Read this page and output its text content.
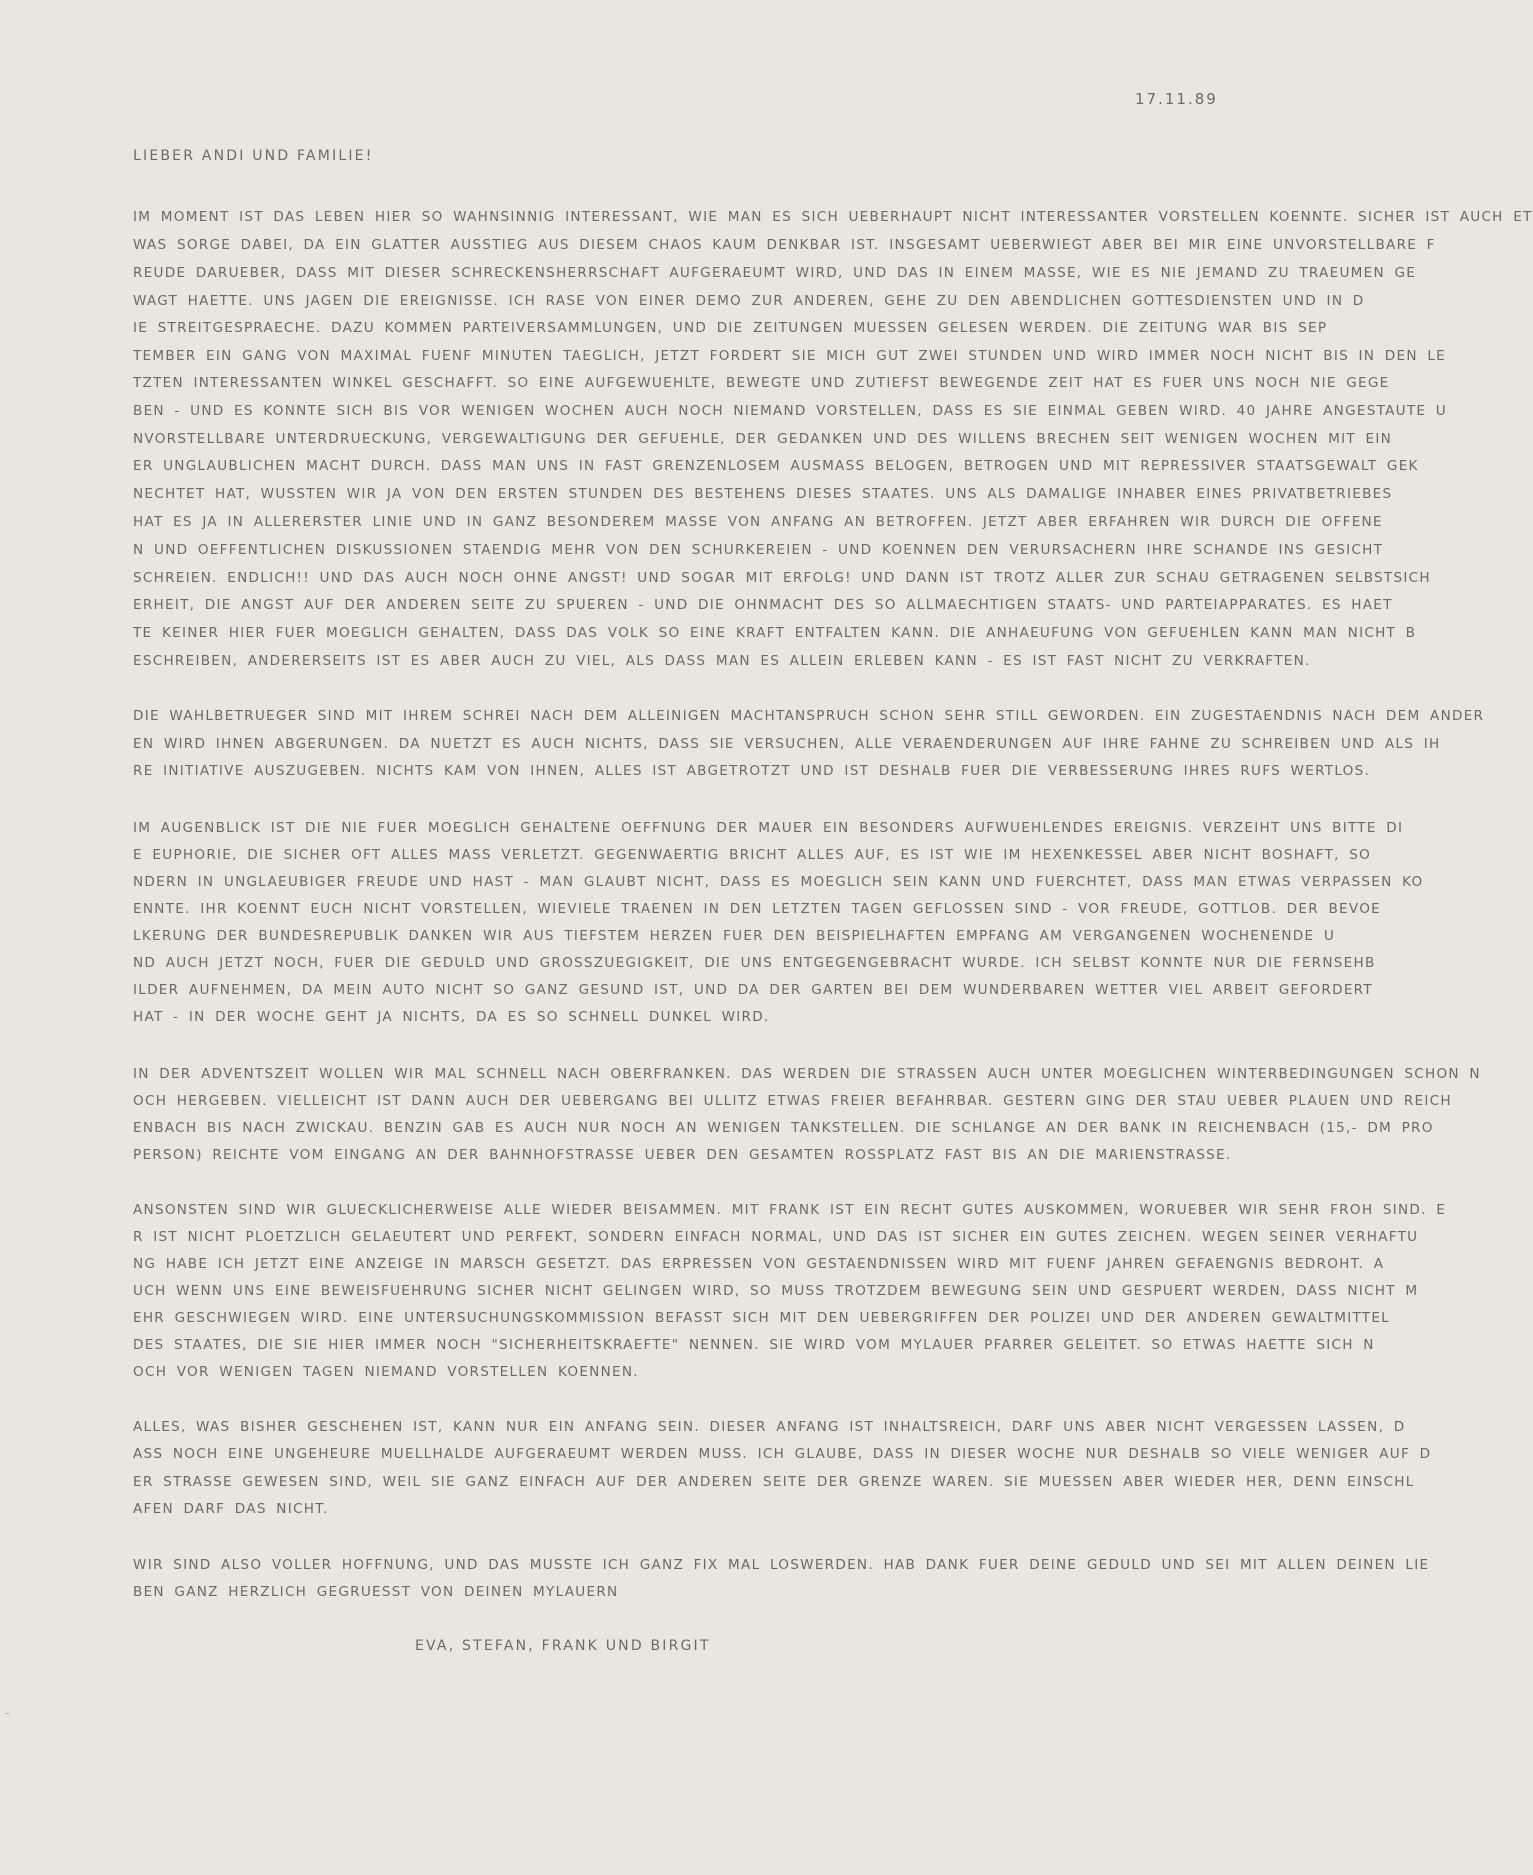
17.11.89
LIEBER ANDI UND FAMILIE!
IM MOMENT IST DAS LEBEN HIER SO WAHNSINNIG INTERESSANT, WIE MAN ES SICH UEBERHAUPT NICHT INTERESSANTER VORSTELLEN KOENNTE. SICHER IST AUCH ET
WAS SORGE DABEI, DA EIN GLATTER AUSSTIEG AUS DIESEM CHAOS KAUM DENKBAR IST. INSGESAMT UEBERWIEGT ABER BEI MIR EINE UNVORSTELLBARE F
REUDE DARUEBER, DASS MIT DIESER SCHRECKENSHERRSCHAFT AUFGERAEUMT WIRD, UND DAS IN EINEM MASSE, WIE ES NIE JEMAND ZU TRAEUMEN GE
WAGT HAETTE. UNS JAGEN DIE EREIGNISSE. ICH RASE VON EINER DEMO ZUR ANDEREN, GEHE ZU DEN ABENDLICHEN GOTTESDIENSTEN UND IN D
IE STREITGESPRAECHE. DAZU KOMMEN PARTEIVERSAMMLUNGEN, UND DIE ZEITUNGEN MUESSEN GELESEN WERDEN. DIE ZEITUNG WAR BIS SEP
TEMBER EIN GANG VON MAXIMAL FUENF MINUTEN TAEGLICH, JETZT FORDERT SIE MICH GUT ZWEI STUNDEN UND WIRD IMMER NOCH NICHT BIS IN DEN LE
TZTEN INTERESSANTEN WINKEL GESCHAFFT. SO EINE AUFGEWUEHLTE, BEWEGTE UND ZUTIEFST BEWEGENDE ZEIT HAT ES FUER UNS NOCH NIE GEGE
BEN - UND ES KONNTE SICH BIS VOR WENIGEN WOCHEN AUCH NOCH NIEMAND VORSTELLEN, DASS ES SIE EINMAL GEBEN WIRD. 40 JAHRE ANGESTAUTE U
NVORSTELLBARE UNTERDRUECKUNG, VERGEWALTIGUNG DER GEFUEHLE, DER GEDANKEN UND DES WILLENS BRECHEN SEIT WENIGEN WOCHEN MIT EIN
ER UNGLAUBLICHEN MACHT DURCH. DASS MAN UNS IN FAST GRENZENLOSEM AUSMASS BELOGEN, BETROGEN UND MIT REPRESSIVER STAATSGEWALT GEK
NECHTET HAT, WUSSTEN WIR JA VON DEN ERSTEN STUNDEN DES BESTEHENS DIESES STAATES. UNS ALS DAMALIGE INHABER EINES PRIVATBETRIEBES
HAT ES JA IN ALLERERSTER LINIE UND IN GANZ BESONDEREM MASSE VON ANFANG AN BETROFFEN. JETZT ABER ERFAHREN WIR DURCH DIE OFFENE
N UND OEFFENTLICHEN DISKUSSIONEN STAENDIG MEHR VON DEN SCHURKEREIEN - UND KOENNEN DEN VERURSACHERN IHRE SCHANDE INS GESICHT
SCHREIEN. ENDLICH!! UND DAS AUCH NOCH OHNE ANGST! UND SOGAR MIT ERFOLG! UND DANN IST TROTZ ALLER ZUR SCHAU GETRAGENEN SELBSTSICH
ERHEIT, DIE ANGST AUF DER ANDEREN SEITE ZU SPUEREN - UND DIE OHNMACHT DES SO ALLMAECHTIGEN STAATS- UND PARTEIAPPARATES. ES HAET
TE KEINER HIER FUER MOEGLICH GEHALTEN, DASS DAS VOLK SO EINE KRAFT ENTFALTEN KANN. DIE ANHAEUFUNG VON GEFUEHLEN KANN MAN NICHT B
ESCHREIBEN, ANDERERSEITS IST ES ABER AUCH ZU VIEL, ALS DASS MAN ES ALLEIN ERLEBEN KANN - ES IST FAST NICHT ZU VERKRAFTEN.
DIE WAHLBETRUEGER SIND MIT IHREM SCHREI NACH DEM ALLEINIGEN MACHTANSPRUCH SCHON SEHR STILL GEWORDEN. EIN ZUGESTAENDNIS NACH DEM ANDER
EN WIRD IHNEN ABGERUNGEN. DA NUETZT ES AUCH NICHTS, DASS SIE VERSUCHEN, ALLE VERAENDERUNGEN AUF IHRE FAHNE ZU SCHREIBEN UND ALS IH
RE INITIATIVE AUSZUGEBEN. NICHTS KAM VON IHNEN, ALLES IST ABGETROTZT UND IST DESHALB FUER DIE VERBESSERUNG IHRES RUFS WERTLOS.
IM AUGENBLICK IST DIE NIE FUER MOEGLICH GEHALTENE OEFFNUNG DER MAUER EIN BESONDERS AUFWUEHLENDES EREIGNIS. VERZEIHT UNS BITTE DI
E EUPHORIE, DIE SICHER OFT ALLES MASS VERLETZT. GEGENWAERTIG BRICHT ALLES AUF, ES IST WIE IM HEXENKESSEL ABER NICHT BOSHAFT, SO
NDERN IN UNGLAEUBIGER FREUDE UND HAST - MAN GLAUBT NICHT, DASS ES MOEGLICH SEIN KANN UND FUERCHTET, DASS MAN ETWAS VERPASSEN KO
ENNTE. IHR KOENNT EUCH NICHT VORSTELLEN, WIEVIELE TRAENEN IN DEN LETZTEN TAGEN GEFLOSSEN SIND - VOR FREUDE, GOTTLOB. DER BEVOE
LKERUNG DER BUNDESREPUBLIK DANKEN WIR AUS TIEFSTEM HERZEN FUER DEN BEISPIELHAFTEN EMPFANG AM VERGANGENEN WOCHENENDE U
ND AUCH JETZT NOCH, FUER DIE GEDULD UND GROSSZUEGIGKEIT, DIE UNS ENTGEGENGEBRACHT WURDE. ICH SELBST KONNTE NUR DIE FERNSEHB
ILDER AUFNEHMEN, DA MEIN AUTO NICHT SO GANZ GESUND IST, UND DA DER GARTEN BEI DEM WUNDERBAREN WETTER VIEL ARBEIT GEFORDERT
HAT - IN DER WOCHE GEHT JA NICHTS, DA ES SO SCHNELL DUNKEL WIRD.
IN DER ADVENTSZEIT WOLLEN WIR MAL SCHNELL NACH OBERFRANKEN. DAS WERDEN DIE STRASSEN AUCH UNTER MOEGLICHEN WINTERBEDINGUNGEN SCHON N
OCH HERGEBEN. VIELLEICHT IST DANN AUCH DER UEBERGANG BEI ULLITZ ETWAS FREIER BEFAHRBAR. GESTERN GING DER STAU UEBER PLAUEN UND REICH
ENBACH BIS NACH ZWICKAU. BENZIN GAB ES AUCH NUR NOCH AN WENIGEN TANKSTELLEN. DIE SCHLANGE AN DER BANK IN REICHENBACH (15,- DM PRO
PERSON) REICHTE VOM EINGANG AN DER BAHNHOFSTRASSE UEBER DEN GESAMTEN ROSSPLATZ FAST BIS AN DIE MARIENSTRASSE.
ANSONSTEN SIND WIR GLUECKLICHERWEISE ALLE WIEDER BEISAMMEN. MIT FRANK IST EIN RECHT GUTES AUSKOMMEN, WORUEBER WIR SEHR FROH SIND. E
R IST NICHT PLOETZLICH GELAEUTERT UND PERFEKT, SONDERN EINFACH NORMAL, UND DAS IST SICHER EIN GUTES ZEICHEN. WEGEN SEINER VERHAFTU
NG HABE ICH JETZT EINE ANZEIGE IN MARSCH GESETZT. DAS ERPRESSEN VON GESTAENDNISSEN WIRD MIT FUENF JAHREN GEFAENGNIS BEDROHT. A
UCH WENN UNS EINE BEWEISFUEHRUNG SICHER NICHT GELINGEN WIRD, SO MUSS TROTZDEM BEWEGUNG SEIN UND GESPUERT WERDEN, DASS NICHT M
EHR GESCHWIEGEN WIRD. EINE UNTERSUCHUNGSKOMMISSION BEFASST SICH MIT DEN UEBERGRIFFEN DER POLIZEI UND DER ANDEREN GEWALTMITTEL
DES STAATES, DIE SIE HIER IMMER NOCH "SICHERHEITSKRAEFTE" NENNEN. SIE WIRD VOM MYLAUER PFARRER GELEITET. SO ETWAS HAETTE SICH N
OCH VOR WENIGEN TAGEN NIEMAND VORSTELLEN KOENNEN.
ALLES, WAS BISHER GESCHEHEN IST, KANN NUR EIN ANFANG SEIN. DIESER ANFANG IST INHALTSREICH, DARF UNS ABER NICHT VERGESSEN LASSEN, D
ASS NOCH EINE UNGEHEURE MUELLHALDE AUFGERAEUMT WERDEN MUSS. ICH GLAUBE, DASS IN DIESER WOCHE NUR DESHALB SO VIELE WENIGER AUF D
ER STRASSE GEWESEN SIND, WEIL SIE GANZ EINFACH AUF DER ANDEREN SEITE DER GRENZE WAREN. SIE MUESSEN ABER WIEDER HER, DENN EINSCHL
AFEN DARF DAS NICHT.
WIR SIND ALSO VOLLER HOFFNUNG, UND DAS MUSSTE ICH GANZ FIX MAL LOSWERDEN. HAB DANK FUER DEINE GEDULD UND SEI MIT ALLEN DEINEN LIE
BEN GANZ HERZLICH GEGRUESST VON DEINEN MYLAUERN
EVA, STEFAN, FRANK UND BIRGIT
